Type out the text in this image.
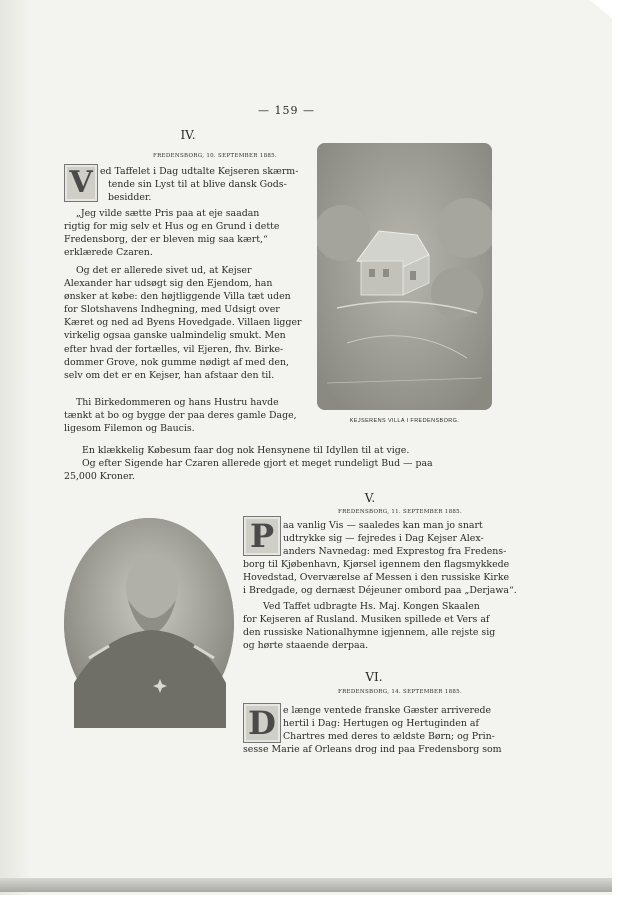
— 159 —
IV.
FREDENSBORG, 10. SEPTEMBER 1885.
V ed Taffelet i Dag udtalte Kejseren skærm-
tende sin Lyst til at blive dansk Gods-
besidder.
„Jeg vilde sætte Pris paa at eje saadan
rigtig for mig selv et Hus og en Grund i dette
Fredensborg, der er bleven mig saa kært,“
erklærede Czaren.
Og det er allerede sivet ud, at Kejser
Alexander har udsøgt sig den Ejendom, han
ønsker at købe: den højtliggende Villa tæt uden
for Slotshavens Indhegning, med Udsigt over
Kæret og ned ad Byens Hovedgade. Villaen ligger
virkelig ogsaa ganske ualmindelig smukt. Men
efter hvad der fortælles, vil Ejeren, fhv. Birke-
dommer Grove, nok gumme nødigt af med den,
selv om det er en Kejser, han afstaar den til.
Thi Birkedommeren og hans Hustru havde
tænkt at bo og bygge der paa deres gamle Dage,
ligesom Filemon og Baucis.
KEJSERENS VILLA I FREDENSBORG.
En klækkelig Købesum faar dog nok Hensynene til Idyllen til at vige.
Og efter Sigende har Czaren allerede gjort et meget rundeligt Bud — paa
25,000 Kroner.
V.
FREDENSBORG, 11. SEPTEMBER 1885.
P aa vanlig Vis — saaledes kan man jo snart
udtrykke sig — fejredes i Dag Kejser Alex-
anders Navnedag: med Exprestog fra Fredens-
borg til Kjøbenhavn, Kjørsel igennem den flagsmykkede
Hovedstad, Overværelse af Messen i den russiske Kirke
i Bredgade, og dernæst Déjeuner ombord paa „Derjawa“.
Ved Taffet udbragte Hs. Maj. Kongen Skaalen
for Kejseren af Rusland. Musiken spillede et Vers af
den russiske Nationalhymne igjennem, alle rejste sig
og hørte staaende derpaa.
VI.
FREDENSBORG, 14. SEPTEMBER 1885.
D e længe ventede franske Gæster arriverede
hertil i Dag: Hertugen og Hertuginden af
Chartres med deres to ældste Børn; og Prin-
sesse Marie af Orleans drog ind paa Fredensborg som
